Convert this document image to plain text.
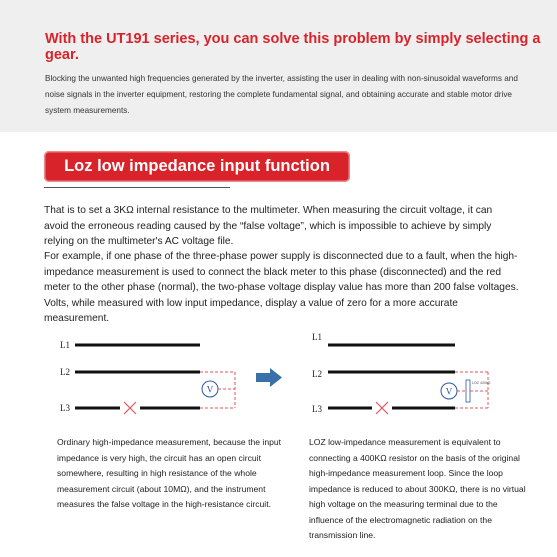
With the UT191 series, you can solve this problem by simply selecting a gear.

Blocking the unwanted high frequencies generated by the inverter, assisting the user in dealing with non-sinusoidal waveforms and noise signals in the inverter equipment, restoring the complete fundamental signal, and obtaining accurate and stable motor drive system measurements.

Loz low impedance input function

That is to set a 3KΩ internal resistance to the multimeter. When measuring the circuit voltage, it can avoid the erroneous reading caused by the “false voltage”, which is impossible to achieve by simply relying on the multimeter's AC voltage file.

For example, if one phase of the three-phase power supply is disconnected due to a fault, when the high-impedance measurement is used to connect the black meter to this phase (disconnected) and the red meter to the other phase (normal), the two-phase voltage display value has more than 200 false voltages. Volts, while measured with low input impedance, display a value of zero for a more accurate measurement.

V	V
LOZ 400kΩ
L1
L2
L3
L1
L2
L3

Ordinary high-impedance measurement, because the input impedance is very high, the circuit has an open circuit somewhere, resulting in high resistance of the whole measurement circuit (about 10MΩ), and the instrument measures the false voltage in the high-resistance circuit.

LOZ low-impedance measurement is equivalent to connecting a 400KΩ resistor on the basis of the original high-impedance measurement loop. Since the loop impedance is reduced to about 300KΩ, there is no virtual high voltage on the measuring terminal due to the influence of the electromagnetic radiation on the transmission line.
